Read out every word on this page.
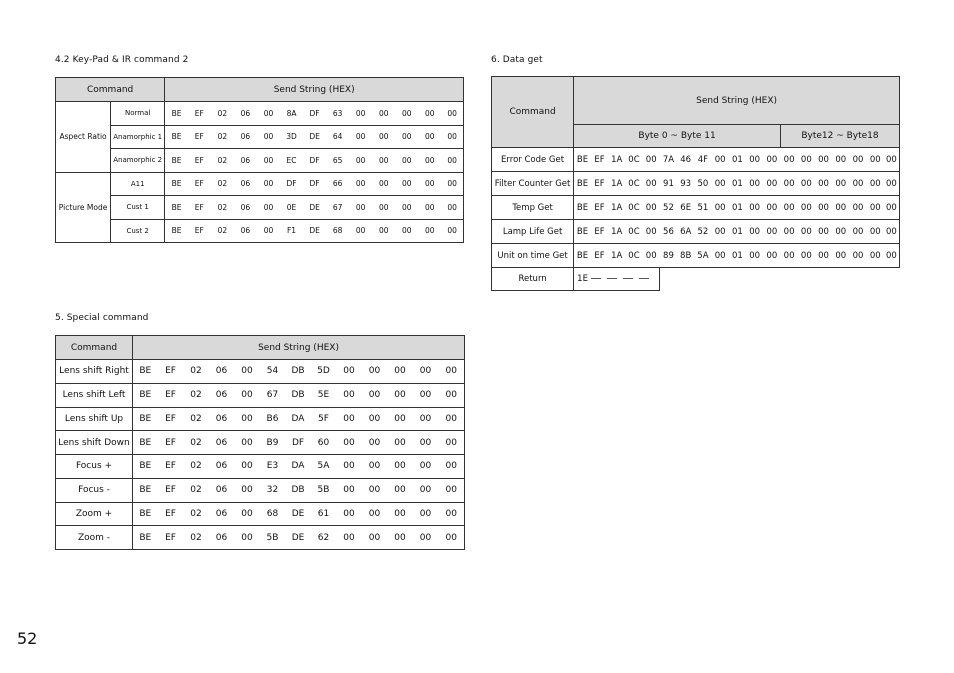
4.2 Key-Pad & IR command 2
Command		Send String (HEX)												
Aspect Ratio	Normal	BE	EF	02	06	00	8A	DF	63	00	00	00	00	00
	Anamorphic 1	BE	EF	02	06	00	3D	DE	64	00	00	00	00	00
	Anamorphic 2	BE	EF	02	06	00	EC	DF	65	00	00	00	00	00
Picture Mode	A11	BE	EF	02	06	00	DF	DF	66	00	00	00	00	00
	Cust 1	BE	EF	02	06	00	0E	DE	67	00	00	00	00	00
	Cust 2	BE	EF	02	06	00	F1	DE	68	00	00	00	00	00
5. Special command
Command	Send String (HEX)												
Lens shift Right	BE	EF	02	06	00	54	DB	5D	00	00	00	00	00
Lens shift Left	BE	EF	02	06	00	67	DB	5E	00	00	00	00	00
Lens shift Up	BE	EF	02	06	00	B6	DA	5F	00	00	00	00	00
Lens shift Down	BE	EF	02	06	00	B9	DF	60	00	00	00	00	00
Focus +	BE	EF	02	06	00	E3	DA	5A	00	00	00	00	00
Focus -	BE	EF	02	06	00	32	DB	5B	00	00	00	00	00
Zoom +	BE	EF	02	06	00	68	DE	61	00	00	00	00	00
Zoom -	BE	EF	02	06	00	5B	DE	62	00	00	00	00	00
6. Data get
Command	Send String (HEX)																		
	Byte 0 ~ Byte 11												Byte12 ~ Byte18						
Error Code Get	BE	EF	1A	0C	00	7A	46	4F	00	01	00	00	00	00	00	00	00	00	00
Filter Counter Get	BE	EF	1A	0C	00	91	93	50	00	01	00	00	00	00	00	00	00	00	00
Temp Get	BE	EF	1A	0C	00	52	6E	51	00	01	00	00	00	00	00	00	00	00	00
Lamp Life Get	BE	EF	1A	0C	00	56	6A	52	00	01	00	00	00	00	00	00	00	00	00
Unit on time Get	BE	EF	1A	0C	00	89	8B	5A	00	01	00	00	00	00	00	00	00	00	00
Return	1E																		
52
